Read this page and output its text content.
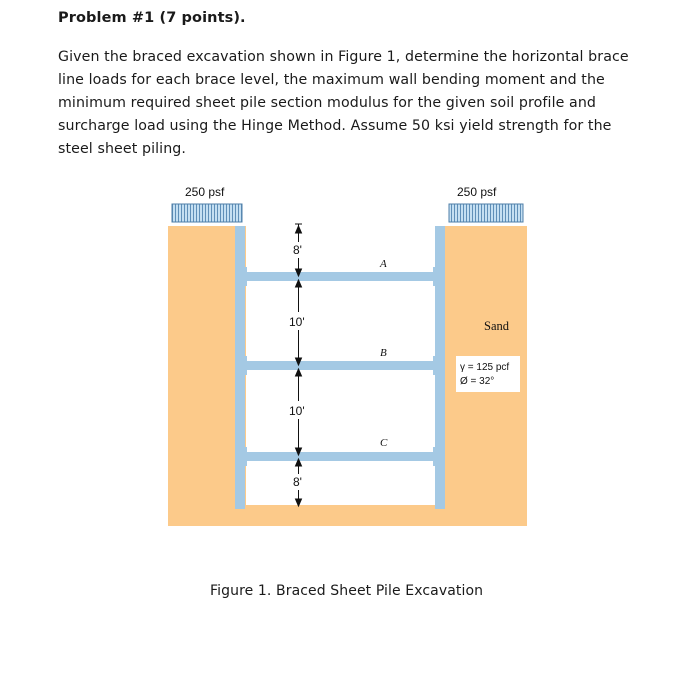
Problem #1 (7 points).
Given the braced excavation shown in Figure 1, determine the horizontal brace
line loads for each brace level, the maximum wall bending moment and the
minimum required sheet pile section modulus for the given soil profile and
surcharge load using the Hinge Method. Assume 50 ksi yield strength for the
steel sheet piling.
250 psf	250 psf
8'
10'
10'
8'
A
B
C
Sand
γ = 125 pcf
Ø = 32°
Figure 1. Braced Sheet Pile Excavation
